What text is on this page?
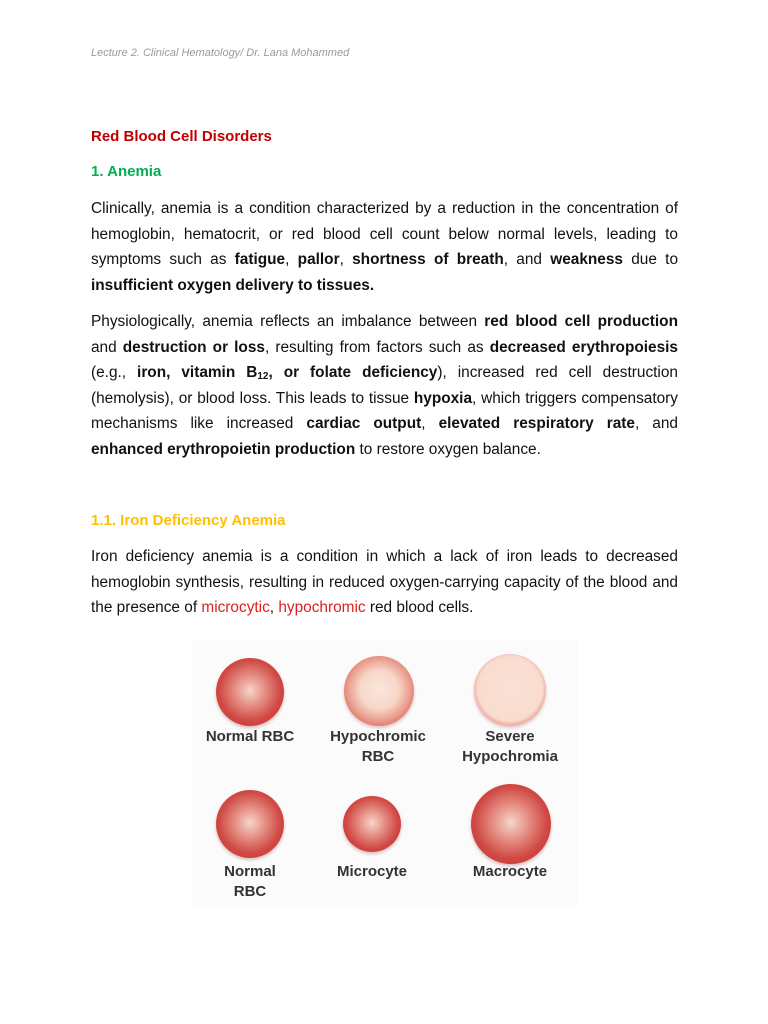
Lecture 2. Clinical Hematology/ Dr. Lana Mohammed
Red Blood Cell Disorders
1. Anemia
Clinically, anemia is a condition characterized by a reduction in the concentration of hemoglobin, hematocrit, or red blood cell count below normal levels, leading to symptoms such as fatigue, pallor, shortness of breath, and weakness due to insufficient oxygen delivery to tissues.
Physiologically, anemia reflects an imbalance between red blood cell production and destruction or loss, resulting from factors such as decreased erythropoiesis (e.g., iron, vitamin $B_{12}$, or folate deficiency), increased red cell destruction (hemolysis), or blood loss. This leads to tissue hypoxia, which triggers compensatory mechanisms like increased cardiac output, elevated respiratory rate, and enhanced erythropoietin production to restore oxygen balance.
1.1. Iron Deficiency Anemia
Iron deficiency anemia is a condition in which a lack of iron leads to decreased hemoglobin synthesis, resulting in reduced oxygen-carrying capacity of the blood and the presence of microcytic, hypochromic red blood cells.
Normal RBC	Hypochromic
RBC
Severe
Hypochromia
Normal
RBC
Microcyte	Macrocyte
